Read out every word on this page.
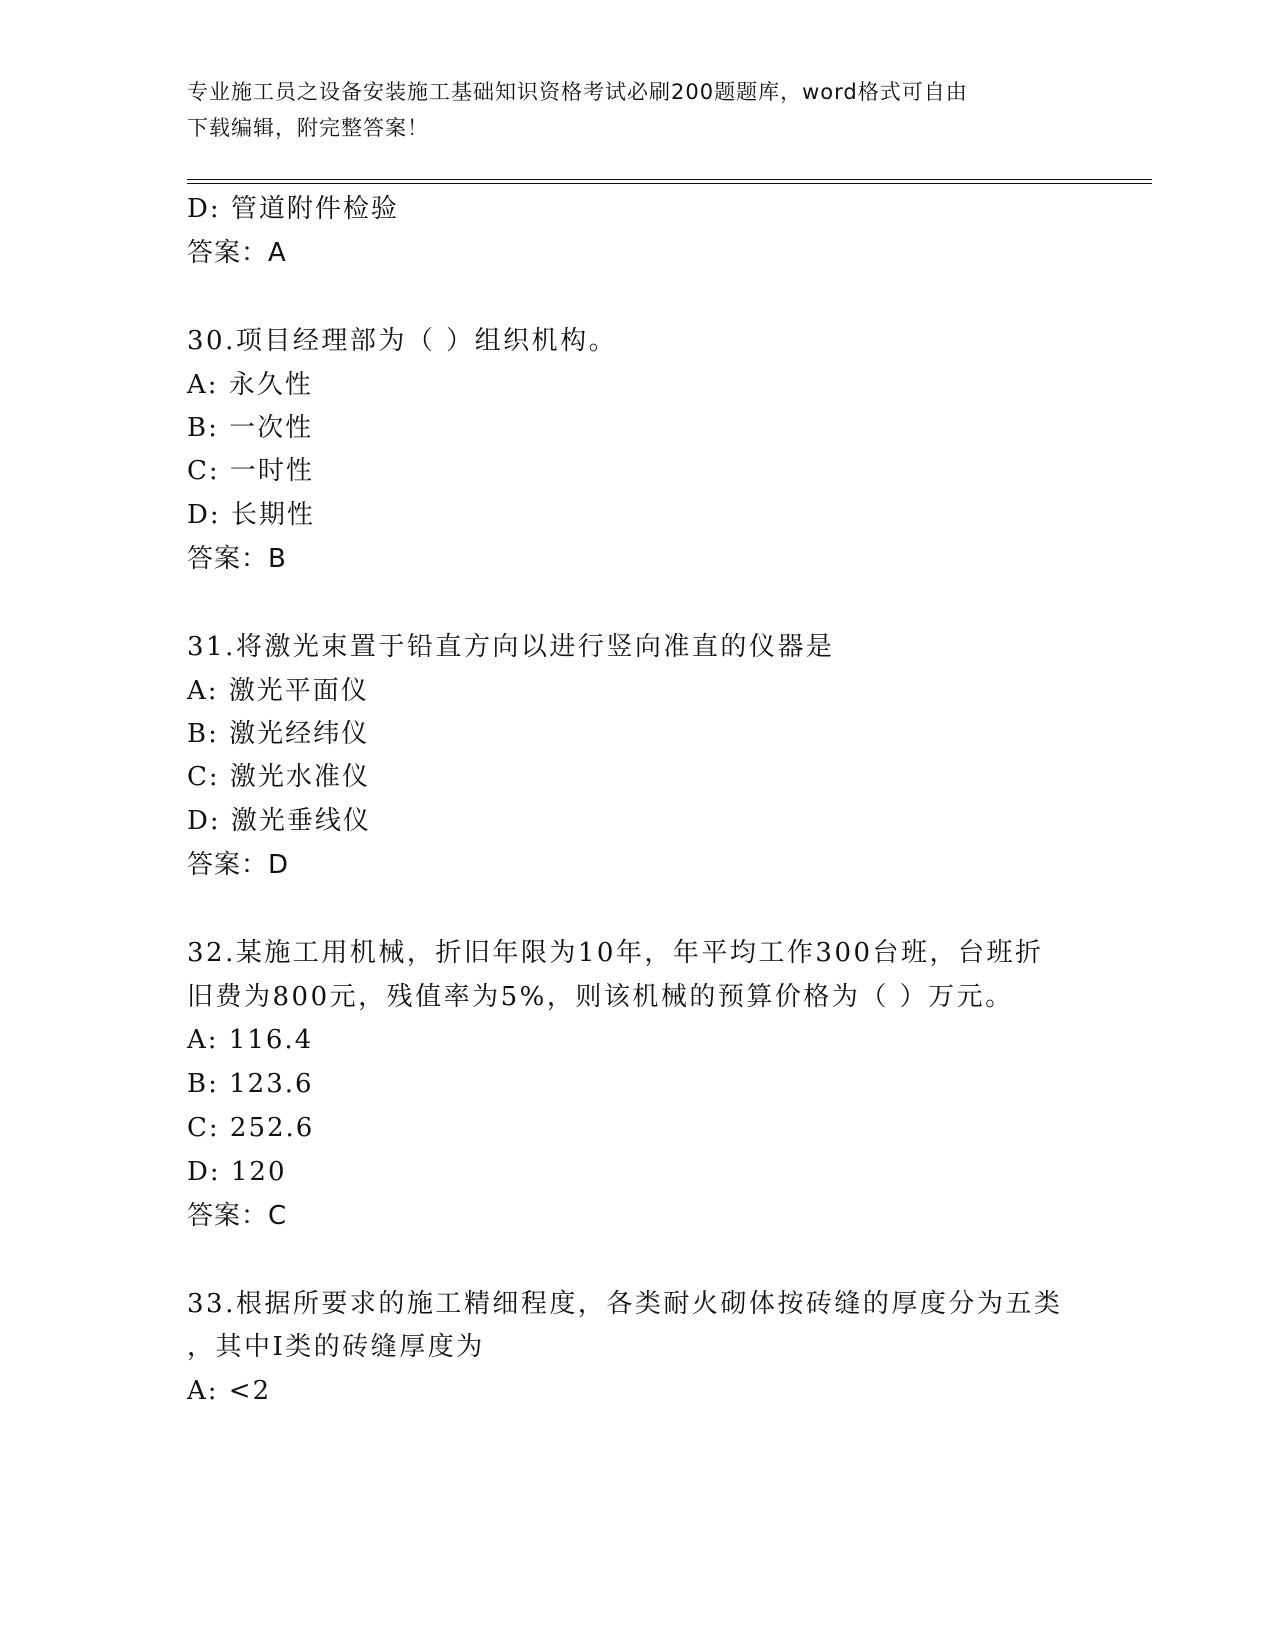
专业施工员之设备安装施工基础知识资格考试必刷200题题库，word格式可自由
下载编辑，附完整答案！
D: 管道附件检验
答案：A
30.项目经理部为（ ）组织机构。
A: 永久性
B: 一次性
C: 一时性
D: 长期性
答案：B
31.将激光束置于铅直方向以进行竖向准直的仪器是
A: 激光平面仪
B: 激光经纬仪
C: 激光水准仪
D: 激光垂线仪
答案：D
32.某施工用机械，折旧年限为10年，年平均工作300台班，台班折
旧费为800元，残值率为5%，则该机械的预算价格为（ ）万元。
A: 116.4
B: 123.6
C: 252.6
D: 120
答案：C
33.根据所要求的施工精细程度，各类耐火砌体按砖缝的厚度分为五类
，其中Ⅰ类的砖缝厚度为
A: <2
